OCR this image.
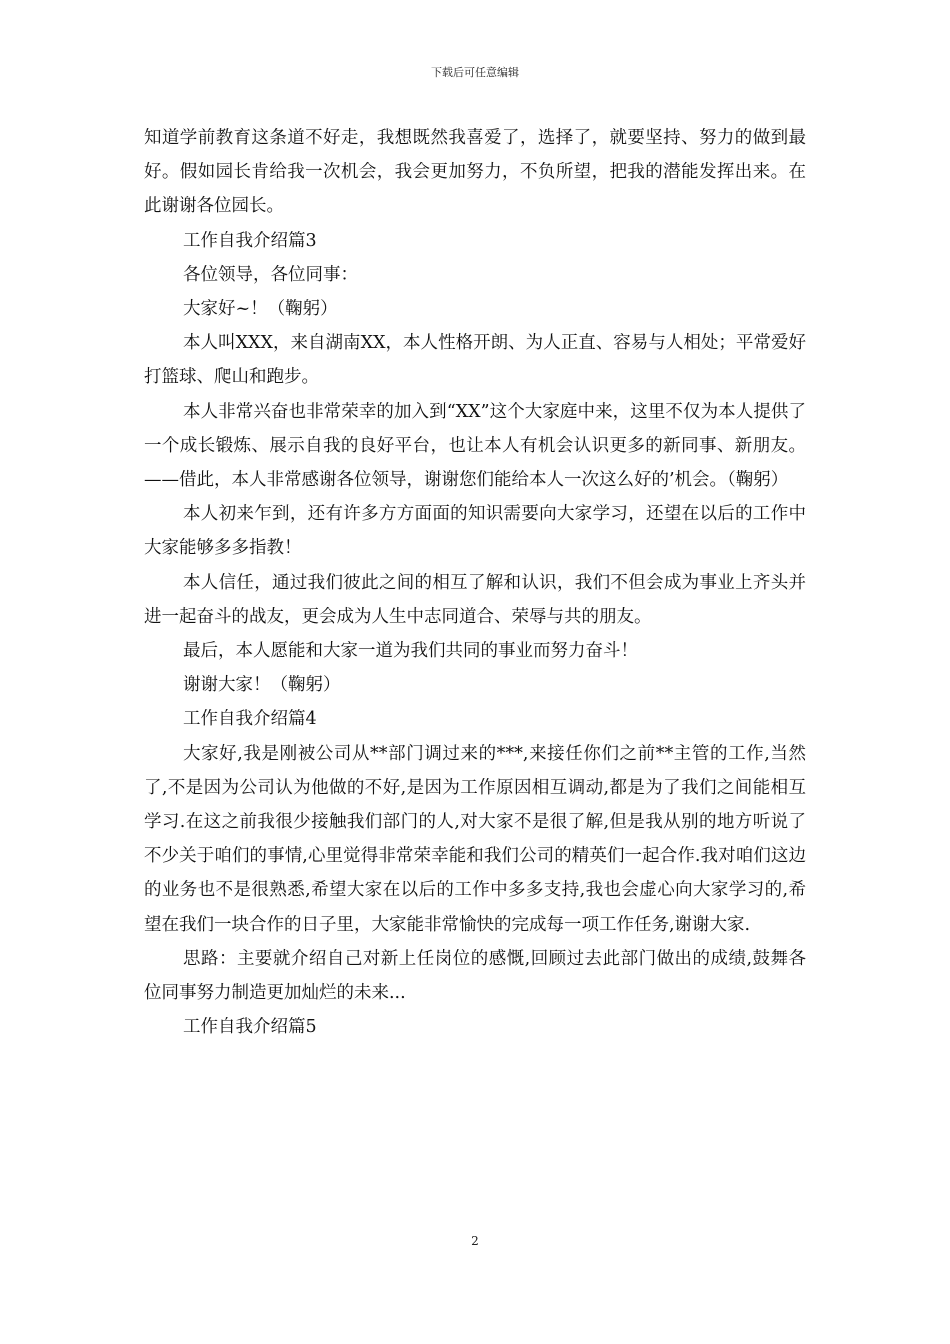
下载后可任意编辑

知道学前教育这条道不好走，我想既然我喜爱了，选择了，就要坚持、努力的做到最好。假如园长肯给我一次机会，我会更加努力，不负所望，把我的潜能发挥出来。在此谢谢各位园长。

工作自我介绍篇3

各位领导，各位同事：

大家好~！（鞠躬）

本人叫XXX，来自湖南XX，本人性格开朗、为人正直、容易与人相处；平常爱好打篮球、爬山和跑步。

本人非常兴奋也非常荣幸的加入到“XX”这个大家庭中来，这里不仅为本人提供了一个成长锻炼、展示自我的良好平台，也让本人有机会认识更多的新同事、新朋友。——借此，本人非常感谢各位领导，谢谢您们能给本人一次这么好的’机会。（鞠躬）

本人初来乍到，还有许多方方面面的知识需要向大家学习，还望在以后的工作中大家能够多多指教！

本人信任，通过我们彼此之间的相互了解和认识，我们不但会成为事业上齐头并进一起奋斗的战友，更会成为人生中志同道合、荣辱与共的朋友。

最后，本人愿能和大家一道为我们共同的事业而努力奋斗！

谢谢大家！（鞠躬）

工作自我介绍篇4

大家好,我是刚被公司从**部门调过来的***,来接任你们之前**主管的工作,当然了,不是因为公司认为他做的不好,是因为工作原因相互调动,都是为了我们之间能相互学习.在这之前我很少接触我们部门的人,对大家不是很了解,但是我从别的地方听说了不少关于咱们的事情,心里觉得非常荣幸能和我们公司的精英们一起合作.我对咱们这边的业务也不是很熟悉,希望大家在以后的工作中多多支持,我也会虚心向大家学习的,希望在我们一块合作的日子里，大家能非常愉快的完成每一项工作任务,谢谢大家.

思路：主要就介绍自己对新上任岗位的感慨,回顾过去此部门做出的成绩,鼓舞各位同事努力制造更加灿烂的未来...

工作自我介绍篇5

2
